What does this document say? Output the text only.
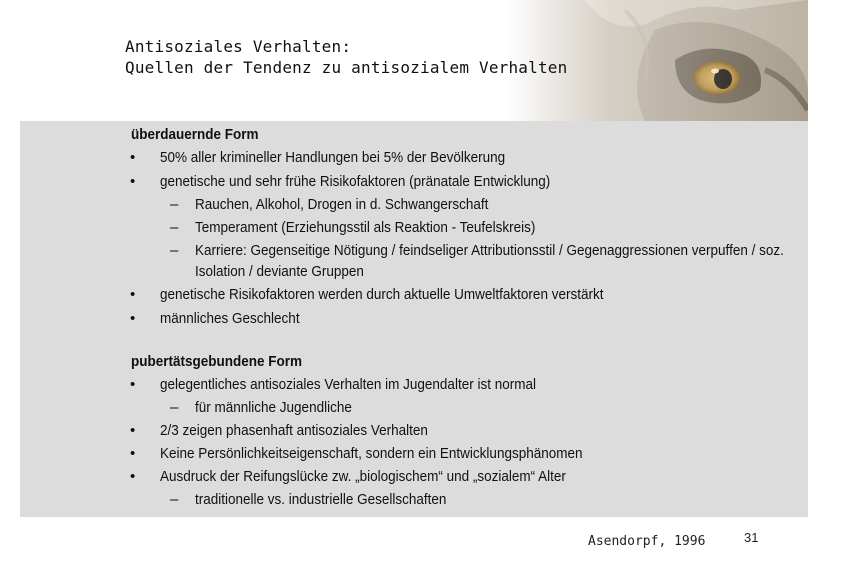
Antisoziales Verhalten:
Quellen der Tendenz zu antisozialem Verhalten
überdauernde Form
• 50% aller krimineller Handlungen bei 5% der Bevölkerung
• genetische und sehr frühe Risikofaktoren (pränatale Entwicklung)
– Rauchen, Alkohol, Drogen in d. Schwangerschaft
– Temperament (Erziehungsstil als Reaktion - Teufelskreis)
– Karriere: Gegenseitige Nötigung / feindseliger Attributionsstil / Gegenaggressionen verpuffen / soz.
Isolation / deviante Gruppen
• genetische Risikofaktoren werden durch aktuelle Umweltfaktoren verstärkt
• männliches Geschlecht
pubertätsgebundene Form
• gelegentliches antisoziales Verhalten im Jugendalter ist normal
– für männliche Jugendliche
• 2/3 zeigen phasenhaft antisoziales Verhalten
• Keine Persönlichkeitseigenschaft, sondern ein Entwicklungsphänomen
• Ausdruck der Reifungslücke zw. „biologischem“ und „sozialem“ Alter
– traditionelle vs. industrielle Gesellschaften
Asendorpf, 1996	31
